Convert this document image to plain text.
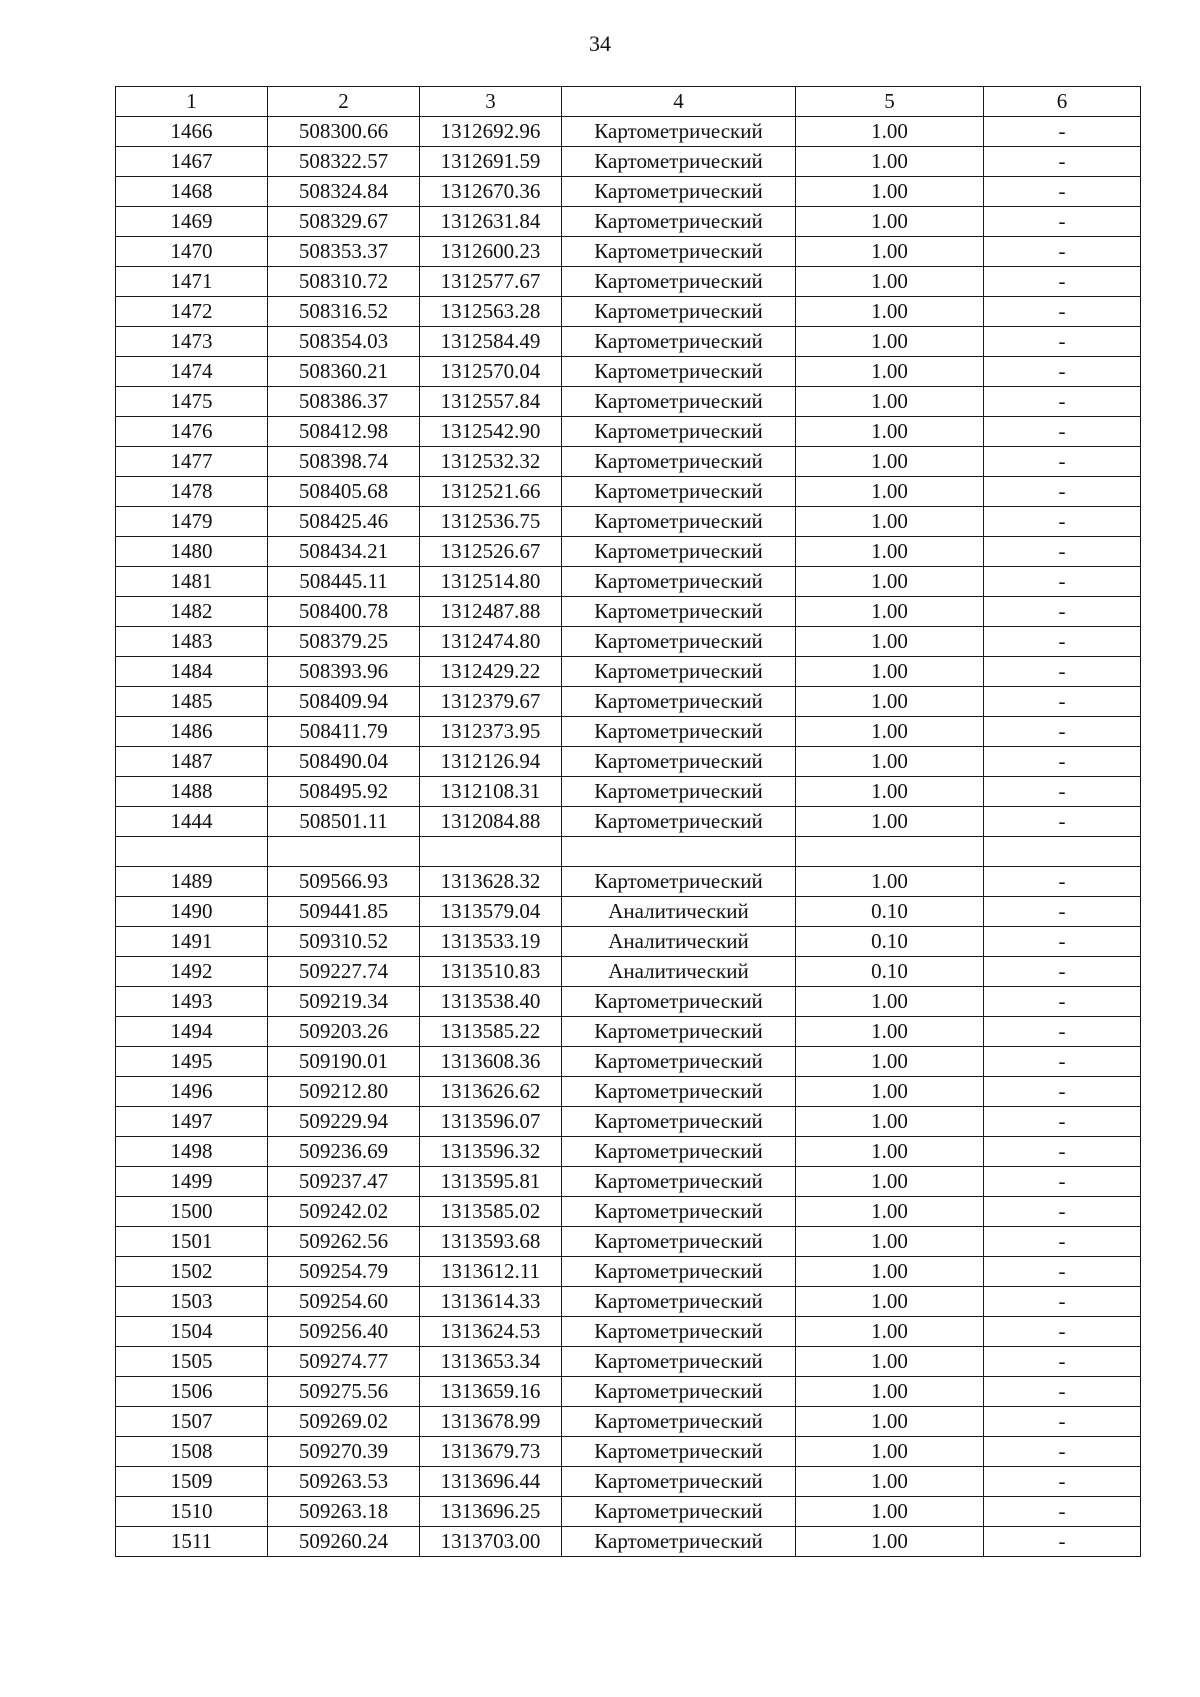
34
1	2	3	4	5	6
1466	508300.66	1312692.96	Картометрический	1.00	-
1467	508322.57	1312691.59	Картометрический	1.00	-
1468	508324.84	1312670.36	Картометрический	1.00	-
1469	508329.67	1312631.84	Картометрический	1.00	-
1470	508353.37	1312600.23	Картометрический	1.00	-
1471	508310.72	1312577.67	Картометрический	1.00	-
1472	508316.52	1312563.28	Картометрический	1.00	-
1473	508354.03	1312584.49	Картометрический	1.00	-
1474	508360.21	1312570.04	Картометрический	1.00	-
1475	508386.37	1312557.84	Картометрический	1.00	-
1476	508412.98	1312542.90	Картометрический	1.00	-
1477	508398.74	1312532.32	Картометрический	1.00	-
1478	508405.68	1312521.66	Картометрический	1.00	-
1479	508425.46	1312536.75	Картометрический	1.00	-
1480	508434.21	1312526.67	Картометрический	1.00	-
1481	508445.11	1312514.80	Картометрический	1.00	-
1482	508400.78	1312487.88	Картометрический	1.00	-
1483	508379.25	1312474.80	Картометрический	1.00	-
1484	508393.96	1312429.22	Картометрический	1.00	-
1485	508409.94	1312379.67	Картометрический	1.00	-
1486	508411.79	1312373.95	Картометрический	1.00	-
1487	508490.04	1312126.94	Картометрический	1.00	-
1488	508495.92	1312108.31	Картометрический	1.00	-
1444	508501.11	1312084.88	Картометрический	1.00	-

1489	509566.93	1313628.32	Картометрический	1.00	-
1490	509441.85	1313579.04	Аналитический	0.10	-
1491	509310.52	1313533.19	Аналитический	0.10	-
1492	509227.74	1313510.83	Аналитический	0.10	-
1493	509219.34	1313538.40	Картометрический	1.00	-
1494	509203.26	1313585.22	Картометрический	1.00	-
1495	509190.01	1313608.36	Картометрический	1.00	-
1496	509212.80	1313626.62	Картометрический	1.00	-
1497	509229.94	1313596.07	Картометрический	1.00	-
1498	509236.69	1313596.32	Картометрический	1.00	-
1499	509237.47	1313595.81	Картометрический	1.00	-
1500	509242.02	1313585.02	Картометрический	1.00	-
1501	509262.56	1313593.68	Картометрический	1.00	-
1502	509254.79	1313612.11	Картометрический	1.00	-
1503	509254.60	1313614.33	Картометрический	1.00	-
1504	509256.40	1313624.53	Картометрический	1.00	-
1505	509274.77	1313653.34	Картометрический	1.00	-
1506	509275.56	1313659.16	Картометрический	1.00	-
1507	509269.02	1313678.99	Картометрический	1.00	-
1508	509270.39	1313679.73	Картометрический	1.00	-
1509	509263.53	1313696.44	Картометрический	1.00	-
1510	509263.18	1313696.25	Картометрический	1.00	-
1511	509260.24	1313703.00	Картометрический	1.00	-
